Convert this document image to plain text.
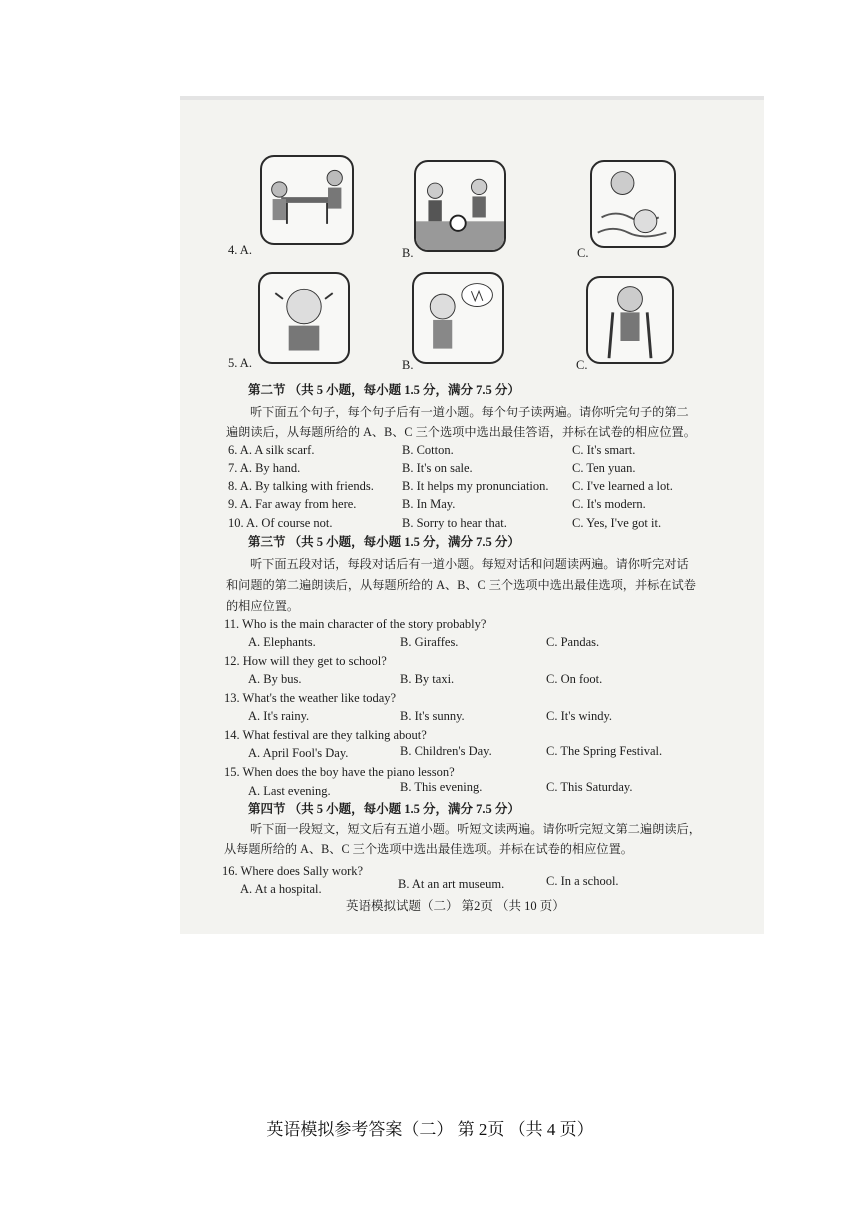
4. A.	B.	C.
5. A.	B.	C.
第二节 （共 5 小题，每小题 1.5 分，满分 7.5 分）
听下面五个句子，每个句子后有一道小题。每个句子读两遍。请你听完句子的第二
遍朗读后，从每题所给的 A、B、C 三个选项中选出最佳答语，并标在试卷的相应位置。
6. A. A silk scarf.	B. Cotton.	C. It's smart.
7. A. By hand.	B. It's on sale.	C. Ten yuan.
8. A. By talking with friends. B. It helps my pronunciation. C. I've learned a lot.
9. A. Far away from here.	B. In May.	C. It's modern.
10. A. Of course not.	B. Sorry to hear that.	C. Yes, I've got it.
第三节 （共 5 小题，每小题 1.5 分，满分 7.5 分）
听下面五段对话，每段对话后有一道小题。每短对话和问题读两遍。请你听完对话
和问题的第二遍朗读后，从每题所给的 A、B、C 三个选项中选出最佳选项，并标在试卷
的相应位置。
11. Who is the main character of the story probably?
A. Elephants.	B. Giraffes.	C. Pandas.
12. How will they get to school?
A. By bus.	B. By taxi.	C. On foot.
13. What's the weather like today?
A. It's rainy.	B. It's sunny.	C. It's windy.
14. What festival are they talking about?
A. April Fool's Day.	B. Children's Day.	C. The Spring Festival.
15. When does the boy have the piano lesson?
A. Last evening.	B. This evening.	C. This Saturday.
第四节 （共 5 小题，每小题 1.5 分，满分 7.5 分）
听下面一段短文，短文后有五道小题。听短文读两遍。请你听完短文第二遍朗读后，
从每题所给的 A、B、C 三个选项中选出最佳选项。并标在试卷的相应位置。
16. Where does Sally work?
A. At a hospital.	B. At an art museum.	C. In a school.
英语模拟试题（二） 第2页 （共 10 页）
英语模拟参考答案（二） 第 2页 （共 4 页）
